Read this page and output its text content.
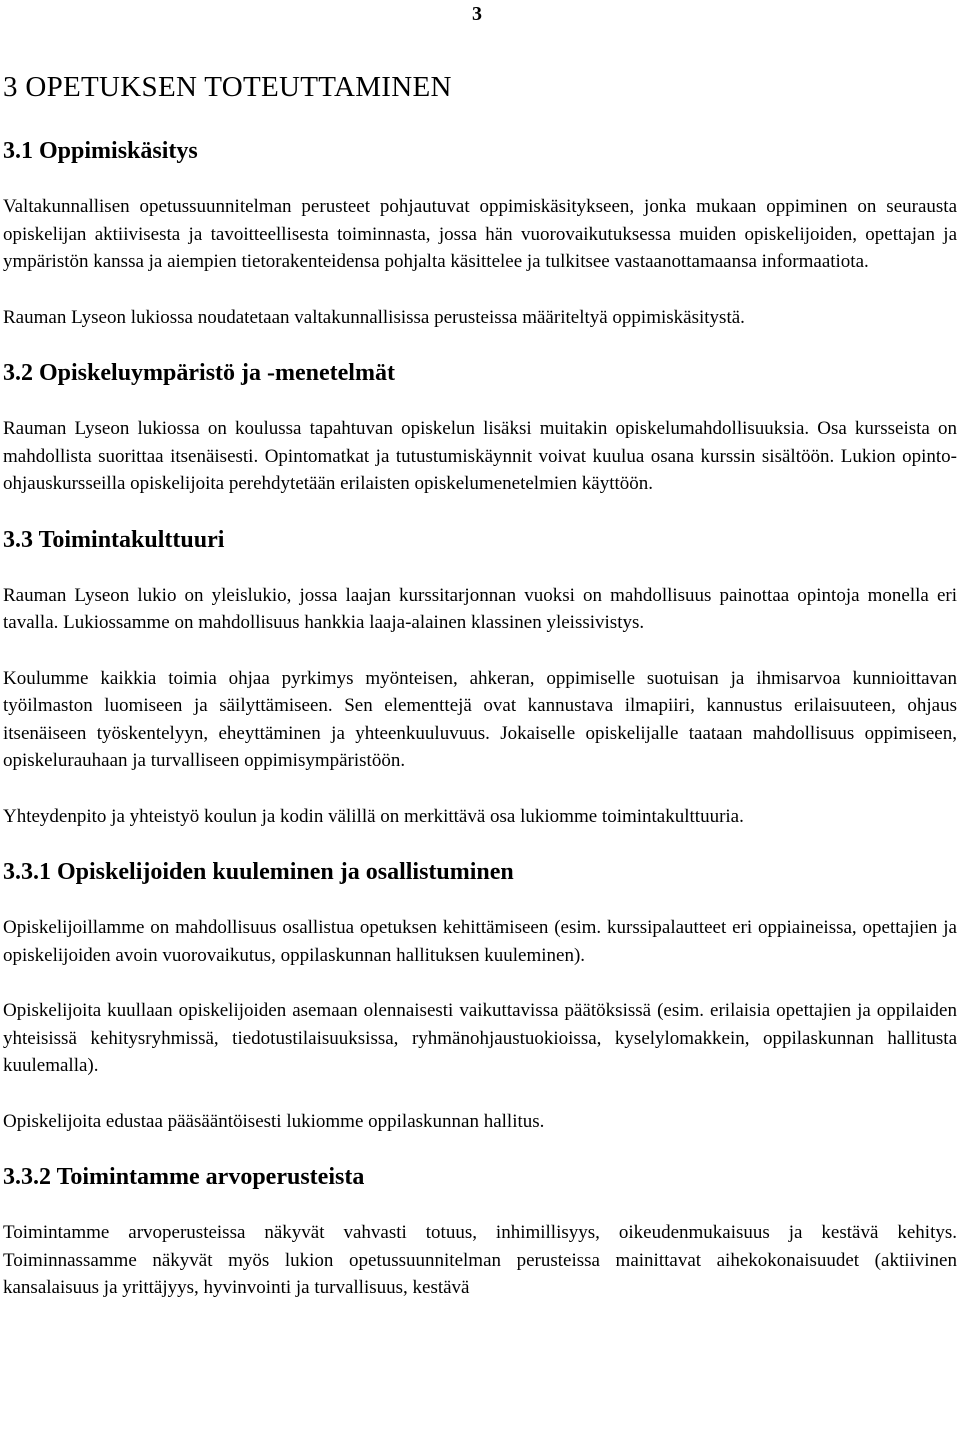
3
3 OPETUKSEN TOTEUTTAMINEN
3.1 Oppimiskäsitys

Valtakunnallisen opetussuunnitelman perusteet pohjautuvat oppimiskäsitykseen, jonka mukaan oppiminen on seurausta opiskelijan aktiivisesta ja tavoitteellisesta toiminnasta, jossa hän vuorovaikutuksessa muiden opiskelijoiden, opettajan ja ympäristön kanssa ja aiempien tietorakenteidensa pohjalta käsittelee ja tulkitsee vastaanottamaansa informaatiota.

Rauman Lyseon lukiossa noudatetaan valtakunnallisissa perusteissa määriteltyä oppimiskäsitystä.

3.2 Opiskeluympäristö ja -menetelmät

Rauman Lyseon lukiossa on koulussa tapahtuvan opiskelun lisäksi muitakin opiskelumahdollisuuksia. Osa kursseista on mahdollista suorittaa itsenäisesti. Opintomatkat ja tutustumiskäynnit voivat kuulua osana kurssin sisältöön. Lukion opinto-ohjauskursseilla opiskelijoita perehdytetään erilaisten opiskelumenetelmien käyttöön.

3.3 Toimintakulttuuri

Rauman Lyseon lukio on yleislukio, jossa laajan kurssitarjonnan vuoksi on mahdollisuus painottaa opintoja monella eri tavalla. Lukiossamme on mahdollisuus hankkia laaja-alainen klassinen yleissivistys.

Koulumme kaikkia toimia ohjaa pyrkimys myönteisen, ahkeran, oppimiselle suotuisan ja ihmisarvoa kunnioittavan työilmaston luomiseen ja säilyttämiseen. Sen elementtejä ovat kannustava ilmapiiri, kannustus erilaisuuteen, ohjaus itsenäiseen työskentelyyn, eheyttäminen ja yhteenkuuluvuus. Jokaiselle opiskelijalle taataan mahdollisuus oppimiseen, opiskelurauhaan ja turvalliseen oppimisympäristöön.

Yhteydenpito ja yhteistyö koulun ja kodin välillä on merkittävä osa lukiomme toimintakulttuuria.

3.3.1 Opiskelijoiden kuuleminen ja osallistuminen

Opiskelijoillamme on mahdollisuus osallistua opetuksen kehittämiseen (esim. kurssipalautteet eri oppiaineissa, opettajien ja opiskelijoiden avoin vuorovaikutus, oppilaskunnan hallituksen kuuleminen).

Opiskelijoita kuullaan opiskelijoiden asemaan olennaisesti vaikuttavissa päätöksissä (esim. erilaisia opettajien ja oppilaiden yhteisissä kehitysryhmissä, tiedotustilaisuuksissa, ryhmänohjaustuokioissa, kyselylomakkein, oppilaskunnan hallitusta kuulemalla).

Opiskelijoita edustaa pääsääntöisesti lukiomme oppilaskunnan hallitus.

3.3.2 Toimintamme arvoperusteista

Toimintamme arvoperusteissa näkyvät vahvasti totuus, inhimillisyys, oikeudenmukaisuus ja kestävä kehitys. Toiminnassamme näkyvät myös lukion opetussuunnitelman perusteissa mainittavat aihekokonaisuudet (aktiivinen kansalaisuus ja yrittäjyys, hyvinvointi ja turvallisuus, kestävä
